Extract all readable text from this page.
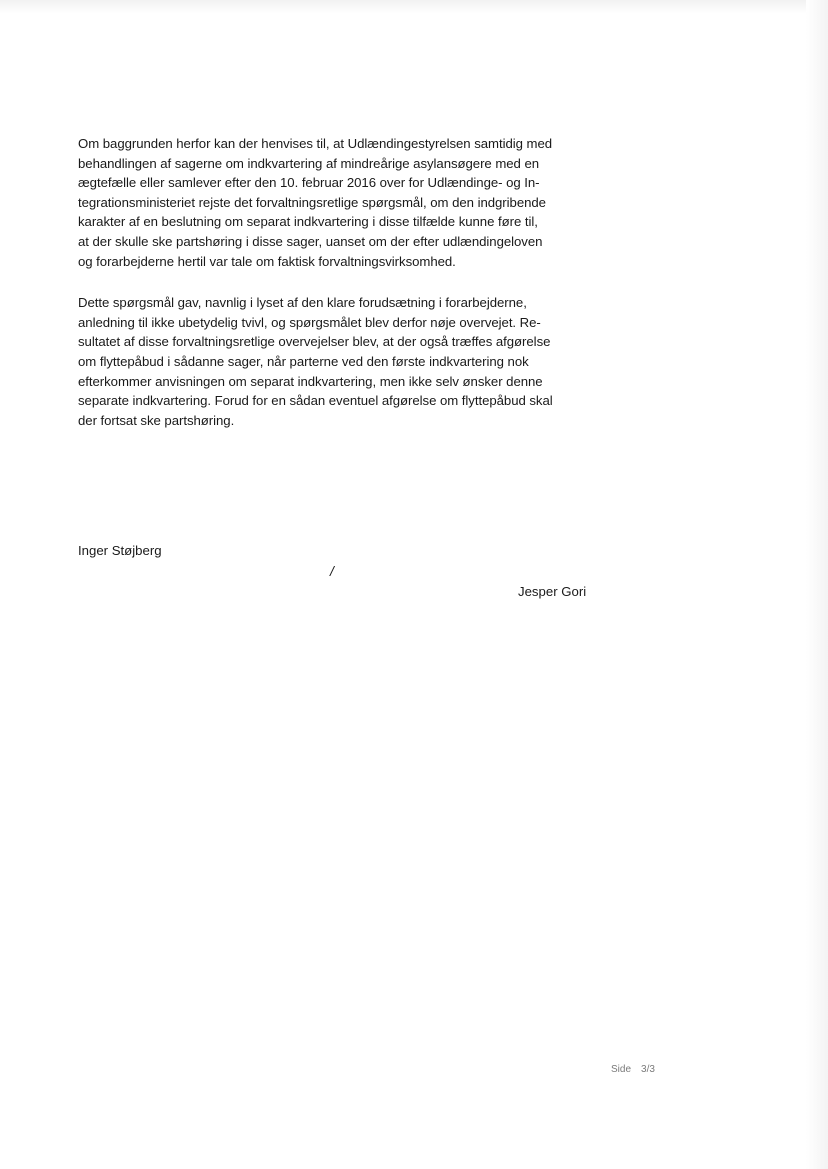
Om baggrunden herfor kan der henvises til, at Udlændingestyrelsen samtidig med
behandlingen af sagerne om indkvartering af mindreårige asylansøgere med en
ægtefælle eller samlever efter den 10. februar 2016 over for Udlændinge- og In-
tegrationsministeriet rejste det forvaltningsretlige spørgsmål, om den indgribende
karakter af en beslutning om separat indkvartering i disse tilfælde kunne føre til,
at der skulle ske partshøring i disse sager, uanset om der efter udlændingeloven
og forarbejderne hertil var tale om faktisk forvaltningsvirksomhed.

Dette spørgsmål gav, navnlig i lyset af den klare forudsætning i forarbejderne,
anledning til ikke ubetydelig tvivl, og spørgsmålet blev derfor nøje overvejet. Re-
sultatet af disse forvaltningsretlige overvejelser blev, at der også træffes afgørelse
om flyttepåbud i sådanne sager, når parterne ved den første indkvartering nok
efterkommer anvisningen om separat indkvartering, men ikke selv ønsker denne
separate indkvartering. Forud for en sådan eventuel afgørelse om flyttepåbud skal
der fortsat ske partshøring.

Inger Støjberg
/
Jesper Gori
Side 3/3
